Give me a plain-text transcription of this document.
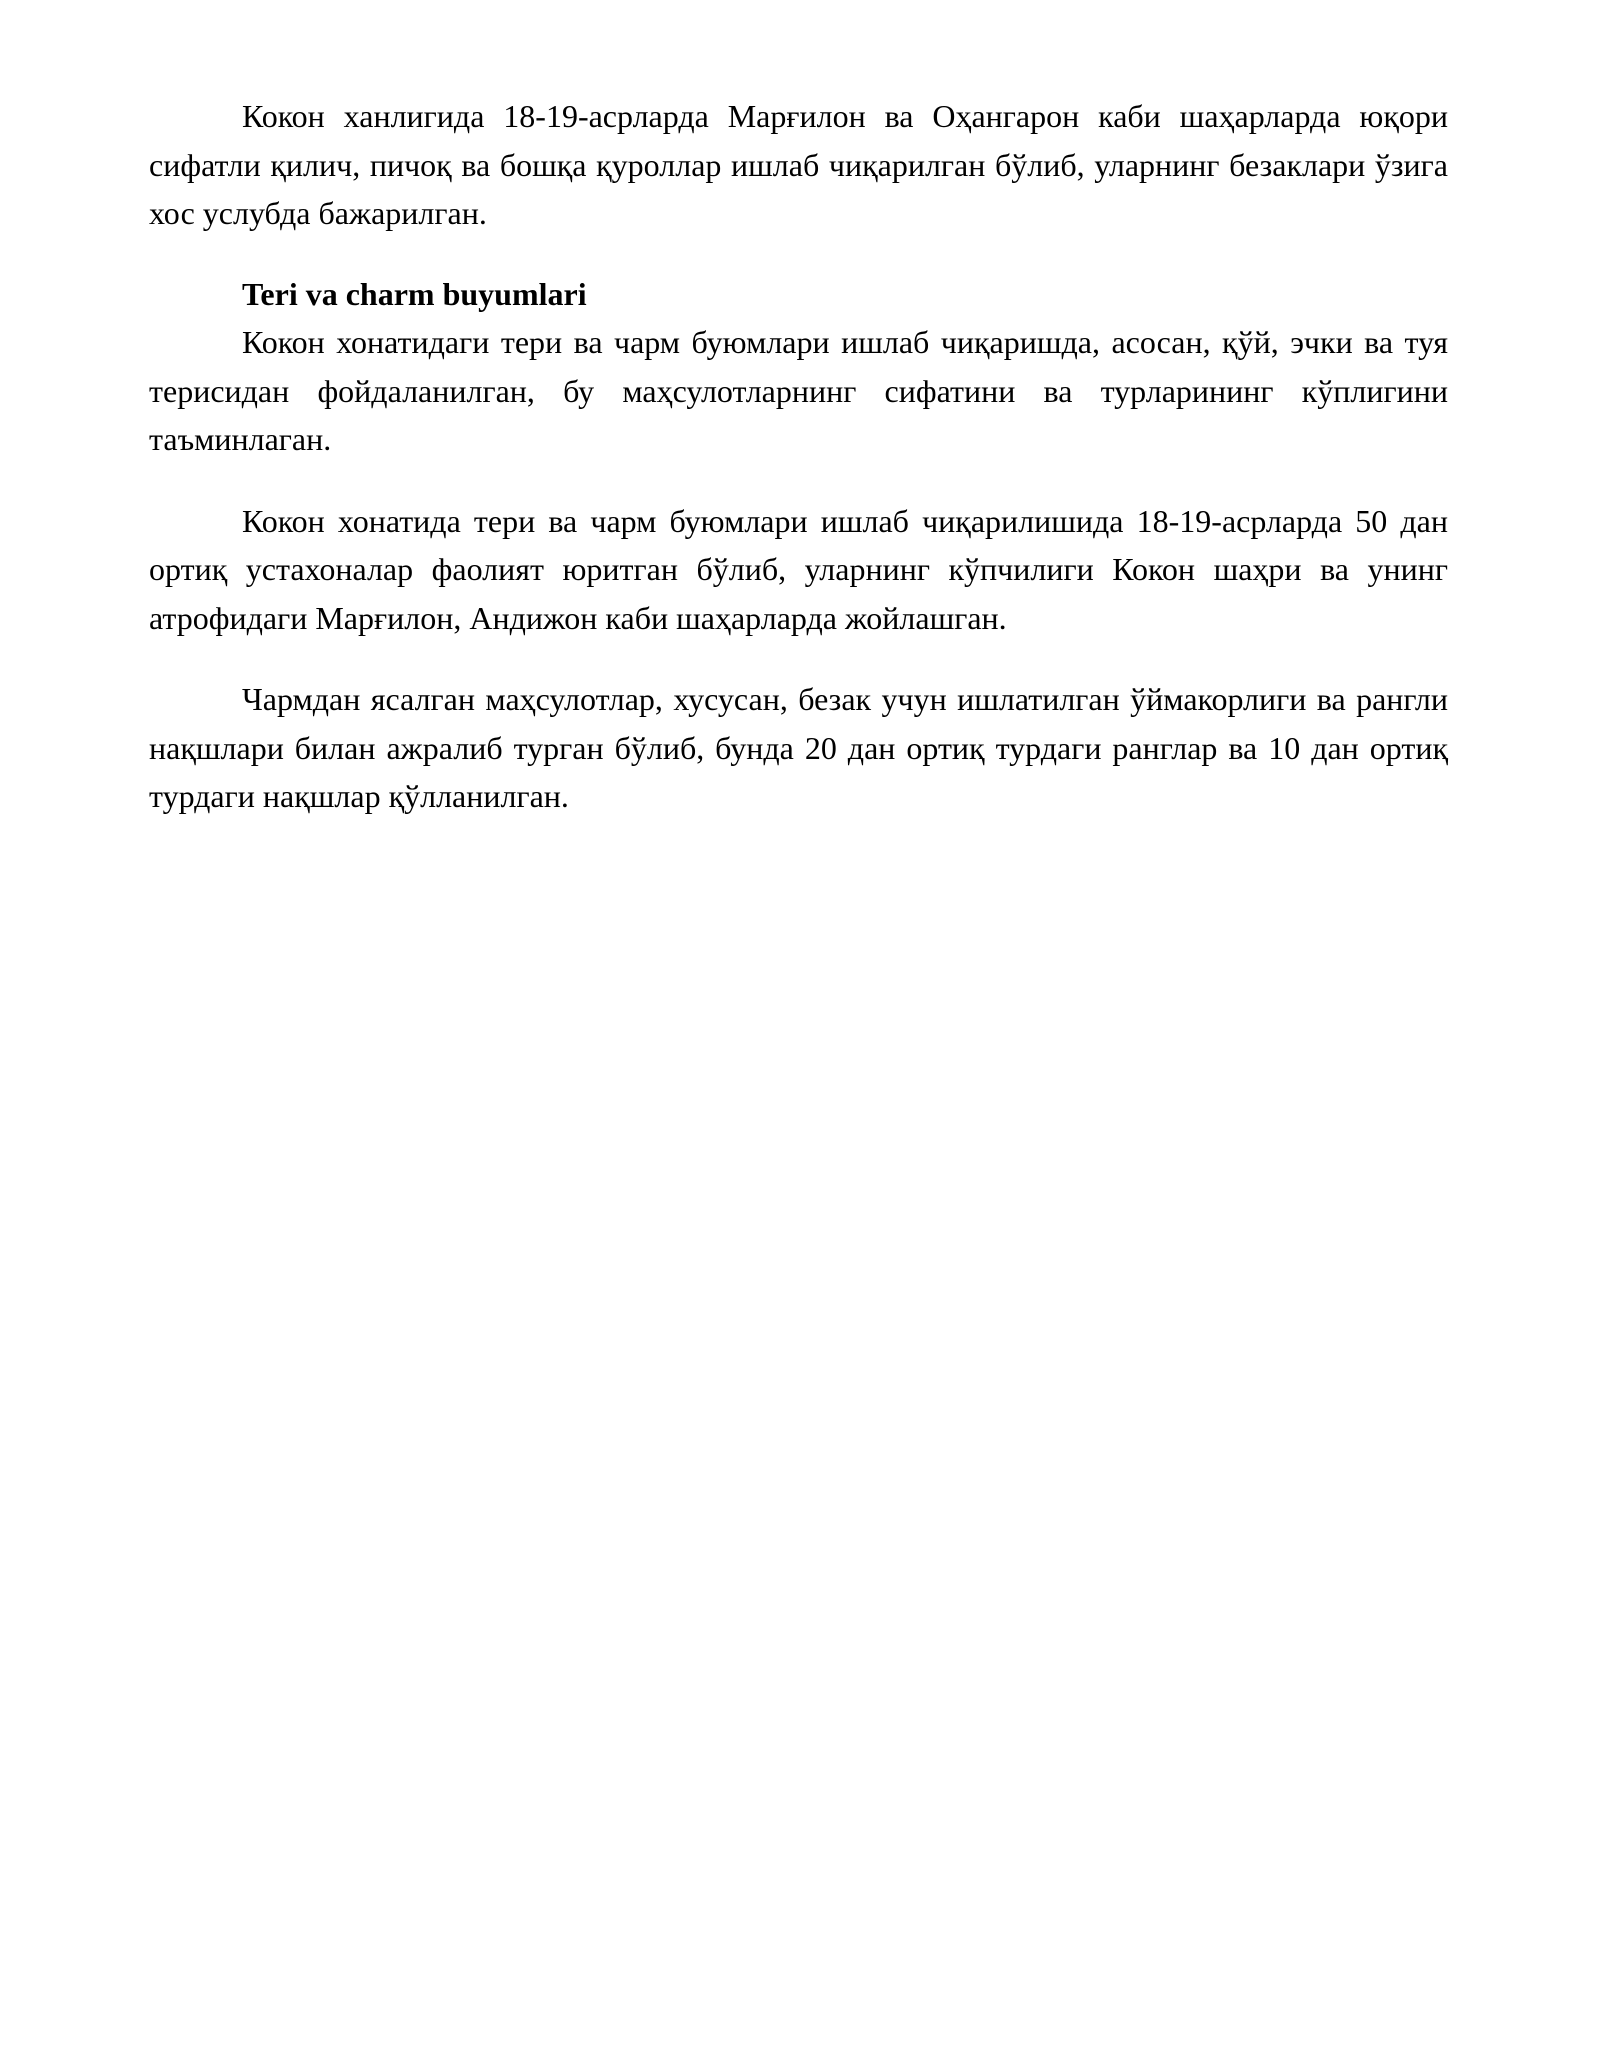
Кокон ханлигида 18-19-асрларда Марғилон ва Оҳангарон каби шаҳарларда юқори сифатли қилич, пичоқ ва бошқа қуроллар ишлаб чиқарилган бўлиб, уларнинг безаклари ўзига хос услубда бажарилган.

Teri va charm buyumlari

Кокон хонатидаги тери ва чарм буюмлари ишлаб чиқаришда, асосан, қўй, эчки ва туя терисидан фойдаланилган, бу маҳсулотларнинг сифатини ва турларининг кўплигини таъминлаган.

Кокон хонатида тери ва чарм буюмлари ишлаб чиқарилишида 18-19-асрларда 50 дан ортиқ устахоналар фаолият юритган бўлиб, уларнинг кўпчилиги Кокон шаҳри ва унинг атрофидаги Марғилон, Андижон каби шаҳарларда жойлашган.

Чармдан ясалган маҳсулотлар, хусусан, безак учун ишлатилган ўймакорлиги ва рангли нақшлари билан ажралиб турган бўлиб, бунда 20 дан ортиқ турдаги ранглар ва 10 дан ортиқ турдаги нақшлар қўлланилган.
